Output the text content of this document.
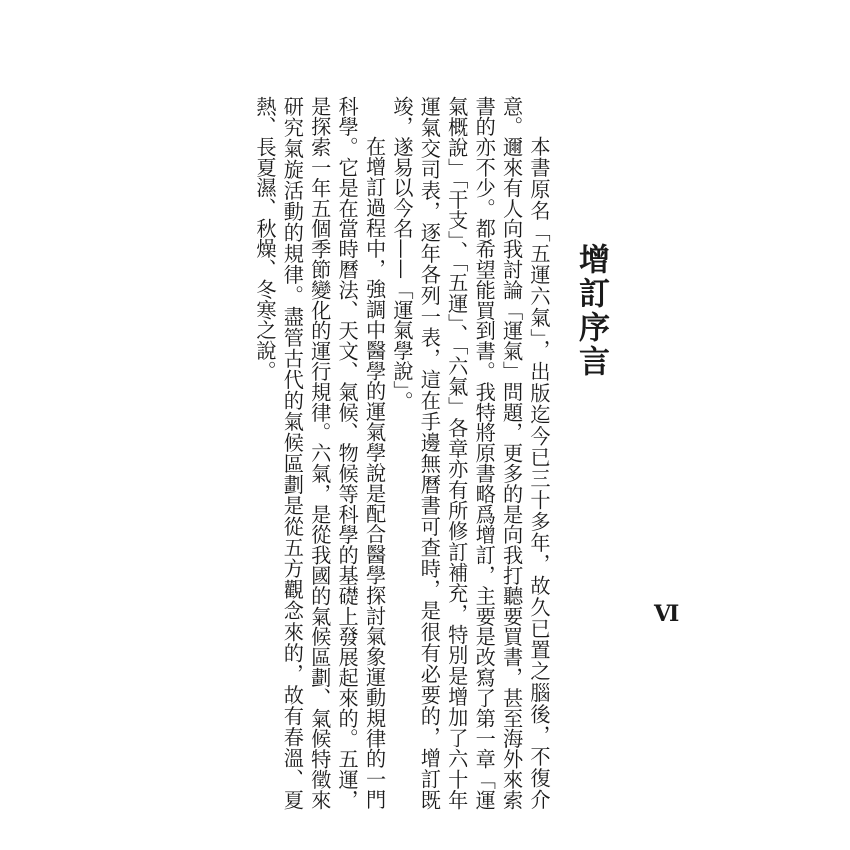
增訂序言

本書原名「五運六氣」，出版迄今已三十多年，故久已置之腦後，不復介意。邇來有人向我討論「運氣」問題，更多的是向我打聽要買書，甚至海外來索書的亦不少。都希望能買到書。我特將原書略爲增訂，主要是改寫了第一章「運氣概說」「干支」、「五運」、「六氣」各章亦有所修訂補充，特別是增加了六十年運氣交司表，逐年各列一表，這在手邊無曆書可查時，是很有必要的，增訂既竣，遂易以今名——「運氣學說」。

在增訂過程中，強調中醫學的運氣學說是配合醫學探討氣象運動規律的一門科學。它是在當時曆法、天文、氣候、物候等科學的基礎上發展起來的。五運，是探索一年五個季節變化的運行規律。六氣，是從我國的氣候區劃、氣候特徵來研究氣旋活動的規律。盡管古代的氣候區劃是從五方觀念來的，故有春溫、夏熱、長夏濕、秋燥、冬寒之說。

Ⅵ
